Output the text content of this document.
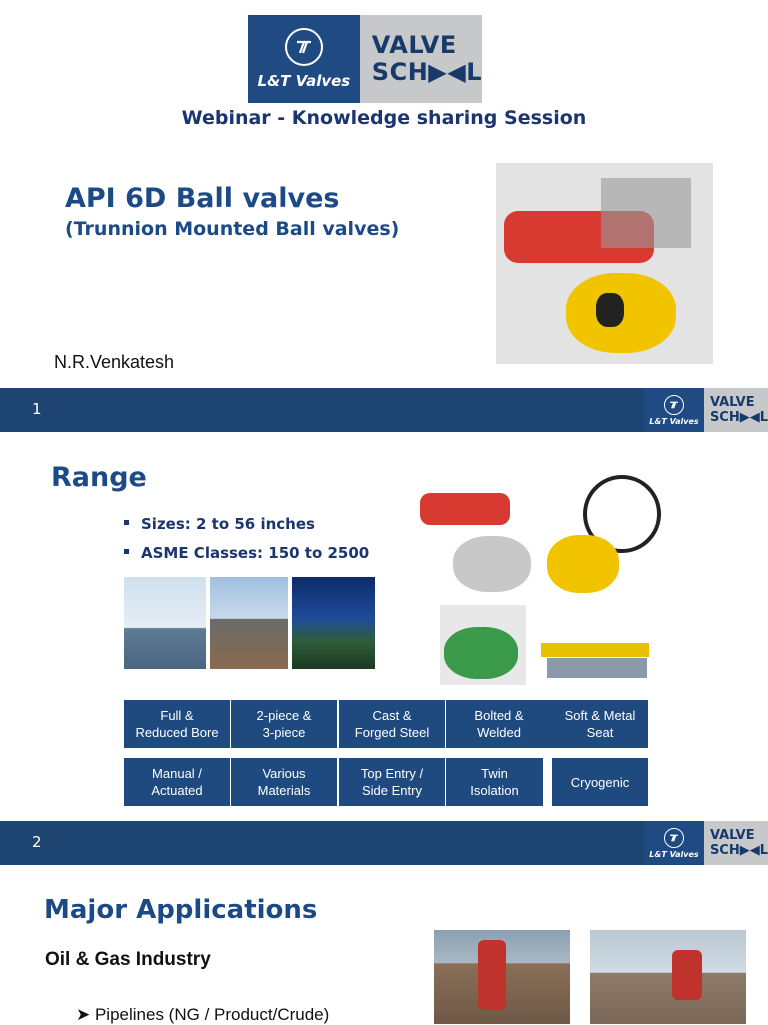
L&T Valves
VALVE
SCH▶◀L
Webinar - Knowledge sharing Session
API 6D Ball valves
(Trunnion Mounted Ball valves)
N.R.Venkatesh
1
L&T Valves
VALVE
SCH▶◀L
Range
Sizes: 2 to 56 inches
ASME Classes: 150 to 2500
Full &
Reduced Bore
2-piece &
3-piece
Cast &
Forged Steel
Bolted &
Welded
Soft & Metal
Seat
Manual /
Actuated
Various
Materials
Top Entry /
Side Entry
Twin
Isolation
Cryogenic
2
L&T Valves
VALVE
SCH▶◀L
Major Applications
Oil & Gas Industry
➤ Pipelines (NG / Product/Crude)
